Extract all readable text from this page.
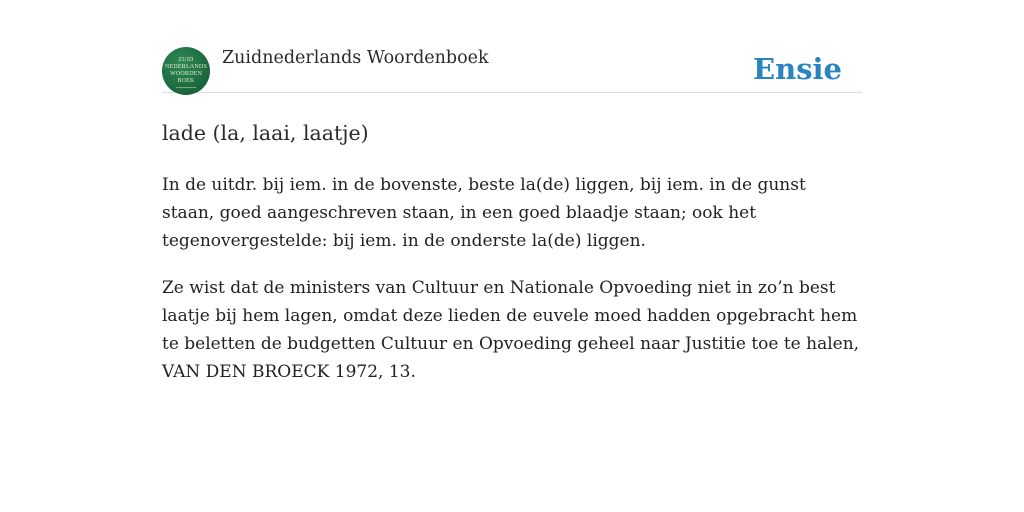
ZUID
NEDERLANDS
WOORDEN
BOEK
Zuidnederlands Woordenboek	Ensie
lade (la, laai, laatje)

In de uitdr. bij iem. in de bovenste, beste la(de) liggen, bij iem. in de gunst staan, goed aangeschreven staan, in een goed blaadje staan; ook het tegenovergestelde: bij iem. in de onderste la(de) liggen.

Ze wist dat de ministers van Cultuur en Nationale Opvoeding niet in zo’n best laatje bij hem lagen, omdat deze lieden de euvele moed hadden opgebracht hem te beletten de budgetten Cultuur en Opvoeding geheel naar Justitie toe te halen, VAN DEN BROECK 1972, 13.
